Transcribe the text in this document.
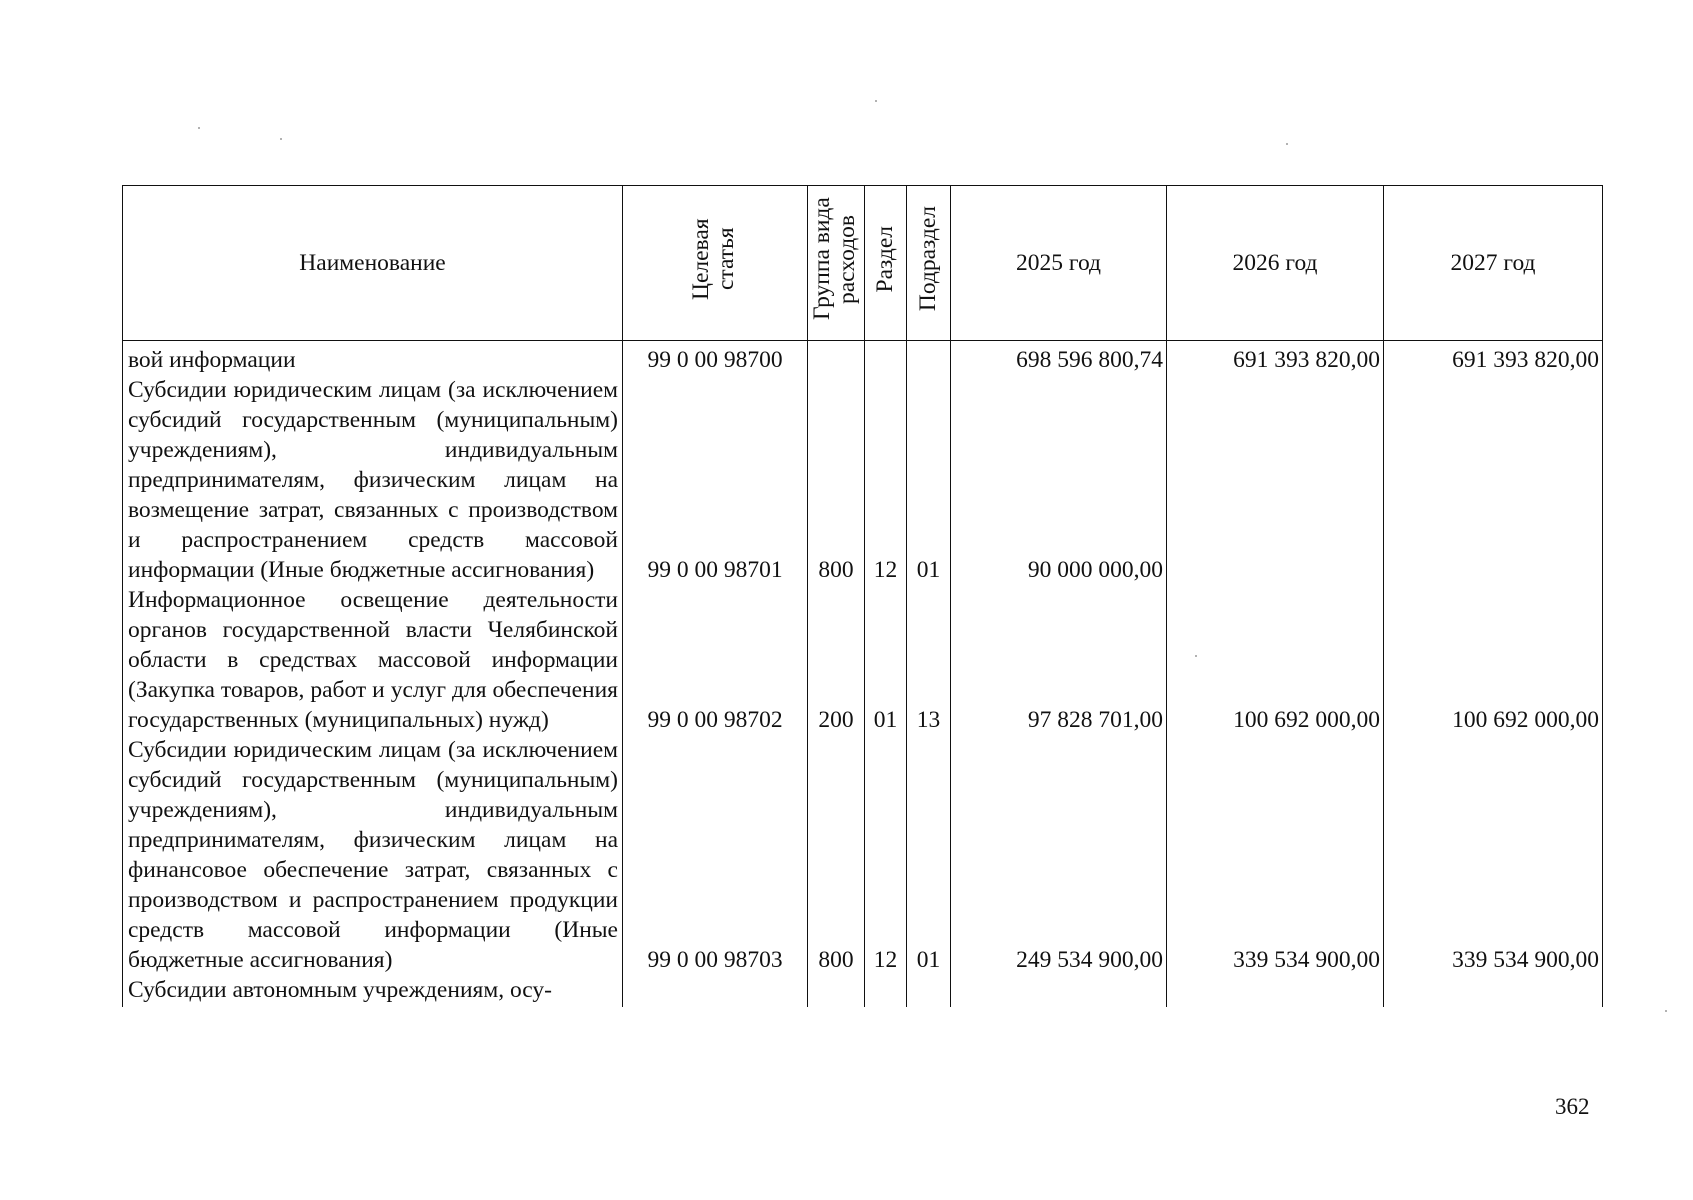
Наименование	Целевая статья	Группа вида расходов	Раздел	Подраздел	2025 год	2026 год	2027 год
вой информации	99 0 00 98700				698 596 800,74	691 393 820,00	691 393 820,00
Субсидии юридическим лицам (за исключением субсидий государственным (муниципальным) учреждениям), индивидуальным предпринимателям, физическим лицам на возмещение затрат, связанных с производством и распространением средств массовой информации (Иные бюджетные ассигнования)	99 0 00 98701	800	12	01	90 000 000,00		
Информационное освещение деятельности органов государственной власти Челябинской области в средствах массовой информации (Закупка товаров, работ и услуг для обеспечения государственных (муниципальных) нужд)	99 0 00 98702	200	01	13	97 828 701,00	100 692 000,00	100 692 000,00
Субсидии юридическим лицам (за исключением субсидий государственным (муниципальным) учреждениям), индивидуальным предпринимателям, физическим лицам на финансовое обеспечение затрат, связанных с производством и распространением продукции средств массовой информации (Иные бюджетные ассигнования)	99 0 00 98703	800	12	01	249 534 900,00	339 534 900,00	339 534 900,00
Субсидии автономным учреждениям, осу-							
362
